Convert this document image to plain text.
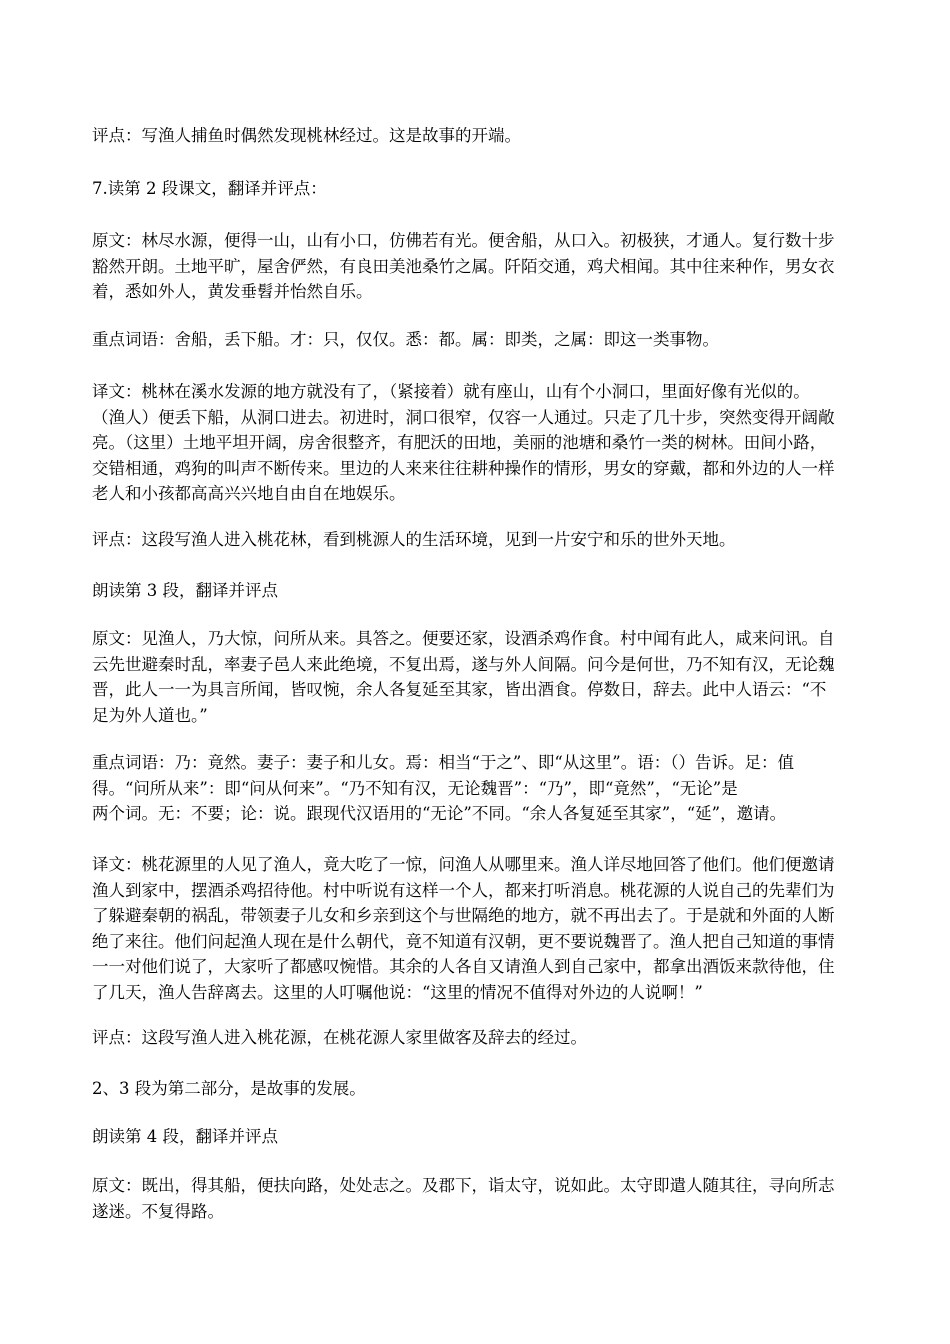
评点：写渔人捕鱼时偶然发现桃林经过。这是故事的开端。

7.读第 2 段课文，翻译并评点：

原文：林尽水源，便得一山，山有小口，仿佛若有光。便舍船，从口入。初极狭，才通人。复行数十步
豁然开朗。土地平旷，屋舍俨然，有良田美池桑竹之属。阡陌交通，鸡犬相闻。其中往来种作，男女衣
着，悉如外人，黄发垂髫并怡然自乐。

重点词语：舍船，丢下船。才：只，仅仅。悉：都。属：即类，之属：即这一类事物。

译文：桃林在溪水发源的地方就没有了，（紧接着）就有座山，山有个小洞口，里面好像有光似的。
（渔人）便丢下船，从洞口进去。初进时，洞口很窄，仅容一人通过。只走了几十步，突然变得开阔敞
亮。（这里）土地平坦开阔，房舍很整齐，有肥沃的田地，美丽的池塘和桑竹一类的树林。田间小路，
交错相通，鸡狗的叫声不断传来。里边的人来来往往耕种操作的情形，男女的穿戴，都和外边的人一样
老人和小孩都高高兴兴地自由自在地娱乐。

评点：这段写渔人进入桃花林，看到桃源人的生活环境，见到一片安宁和乐的世外天地。

朗读第 3 段，翻译并评点

原文：见渔人，乃大惊，问所从来。具答之。便要还家，设酒杀鸡作食。村中闻有此人，咸来问讯。自
云先世避秦时乱，率妻子邑人来此绝境，不复出焉，遂与外人间隔。问今是何世，乃不知有汉，无论魏
晋，此人一一为具言所闻，皆叹惋，余人各复延至其家，皆出酒食。停数日，辞去。此中人语云：“不
足为外人道也。”

重点词语：乃：竟然。妻子：妻子和儿女。焉：相当“于之”、即“从这里”。语：（）告诉。足：值
得。“问所从来”：即“问从何来”。“乃不知有汉，无论魏晋”：“乃”，即“竟然”，“无论”是
两个词。无：不要；论：说。跟现代汉语用的“无论”不同。“余人各复延至其家”，“延”，邀请。

译文：桃花源里的人见了渔人，竟大吃了一惊，问渔人从哪里来。渔人详尽地回答了他们。他们便邀请
渔人到家中，摆酒杀鸡招待他。村中听说有这样一个人，都来打听消息。桃花源的人说自己的先辈们为
了躲避秦朝的祸乱，带领妻子儿女和乡亲到这个与世隔绝的地方，就不再出去了。于是就和外面的人断
绝了来往。他们问起渔人现在是什么朝代，竟不知道有汉朝，更不要说魏晋了。渔人把自己知道的事情
一一对他们说了，大家听了都感叹惋惜。其余的人各自又请渔人到自己家中，都拿出酒饭来款待他，住
了几天，渔人告辞离去。这里的人叮嘱他说：“这里的情况不值得对外边的人说啊！”

评点：这段写渔人进入桃花源，在桃花源人家里做客及辞去的经过。

2、3 段为第二部分，是故事的发展。

朗读第 4 段，翻译并评点

原文：既出，得其船，便扶向路，处处志之。及郡下，诣太守，说如此。太守即遣人随其往，寻向所志
遂迷。不复得路。
